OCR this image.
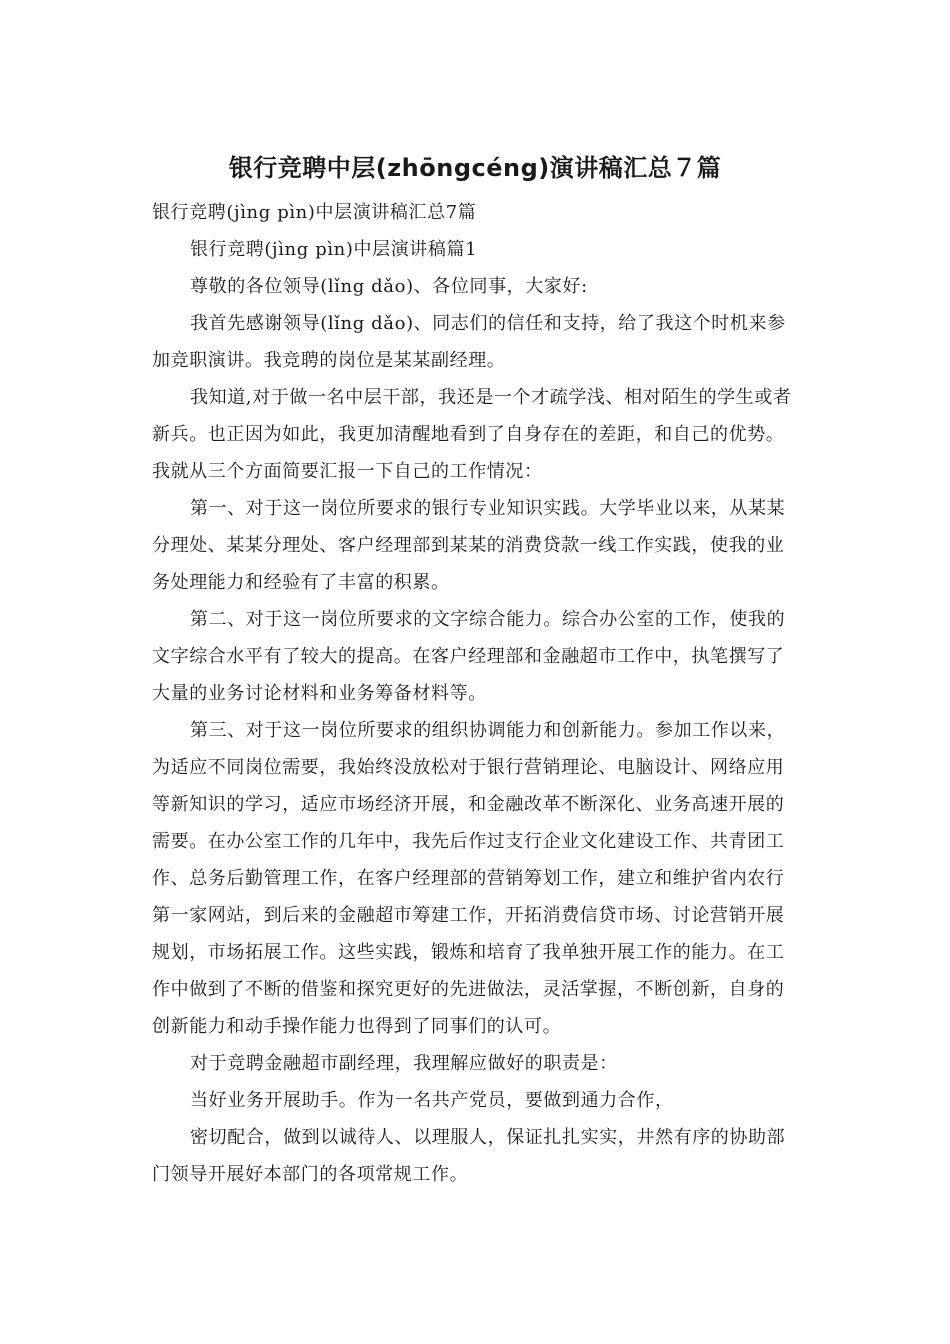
银行竞聘中层(zhōngcéng)演讲稿汇总７篇

银行竞聘(jìng pìn)中层演讲稿汇总7篇

银行竞聘(jìng pìn)中层演讲稿篇1

尊敬的各位领导(lǐng dǎo)、各位同事，大家好:

我首先感谢领导(lǐng dǎo)、同志们的信任和支持，给了我这个时机来参加竞职演讲。我竞聘的岗位是某某副经理。

我知道,对于做一名中层干部，我还是一个才疏学浅、相对陌生的学生或者新兵。也正因为如此，我更加清醒地看到了自身存在的差距，和自己的优势。我就从三个方面简要汇报一下自己的工作情况：

第一、对于这一岗位所要求的银行专业知识实践。大学毕业以来，从某某分理处、某某分理处、客户经理部到某某的消费贷款一线工作实践，使我的业务处理能力和经验有了丰富的积累。

第二、对于这一岗位所要求的文字综合能力。综合办公室的工作，使我的文字综合水平有了较大的提高。在客户经理部和金融超市工作中，执笔撰写了大量的业务讨论材料和业务筹备材料等。

第三、对于这一岗位所要求的组织协调能力和创新能力。参加工作以来，为适应不同岗位需要，我始终没放松对于银行营销理论、电脑设计、网络应用等新知识的学习，适应市场经济开展，和金融改革不断深化、业务高速开展的需要。在办公室工作的几年中，我先后作过支行企业文化建设工作、共青团工作、总务后勤管理工作，在客户经理部的营销筹划工作，建立和维护省内农行第一家网站，到后来的金融超市筹建工作，开拓消费信贷市场、讨论营销开展规划，市场拓展工作。这些实践，锻炼和培育了我单独开展工作的能力。在工作中做到了不断的借鉴和探究更好的先进做法，灵活掌握，不断创新，自身的创新能力和动手操作能力也得到了同事们的认可。

对于竞聘金融超市副经理，我理解应做好的职责是：

当好业务开展助手。作为一名共产党员，要做到通力合作，

密切配合，做到以诚待人、以理服人，保证扎扎实实，井然有序的协助部门领导开展好本部门的各项常规工作。
